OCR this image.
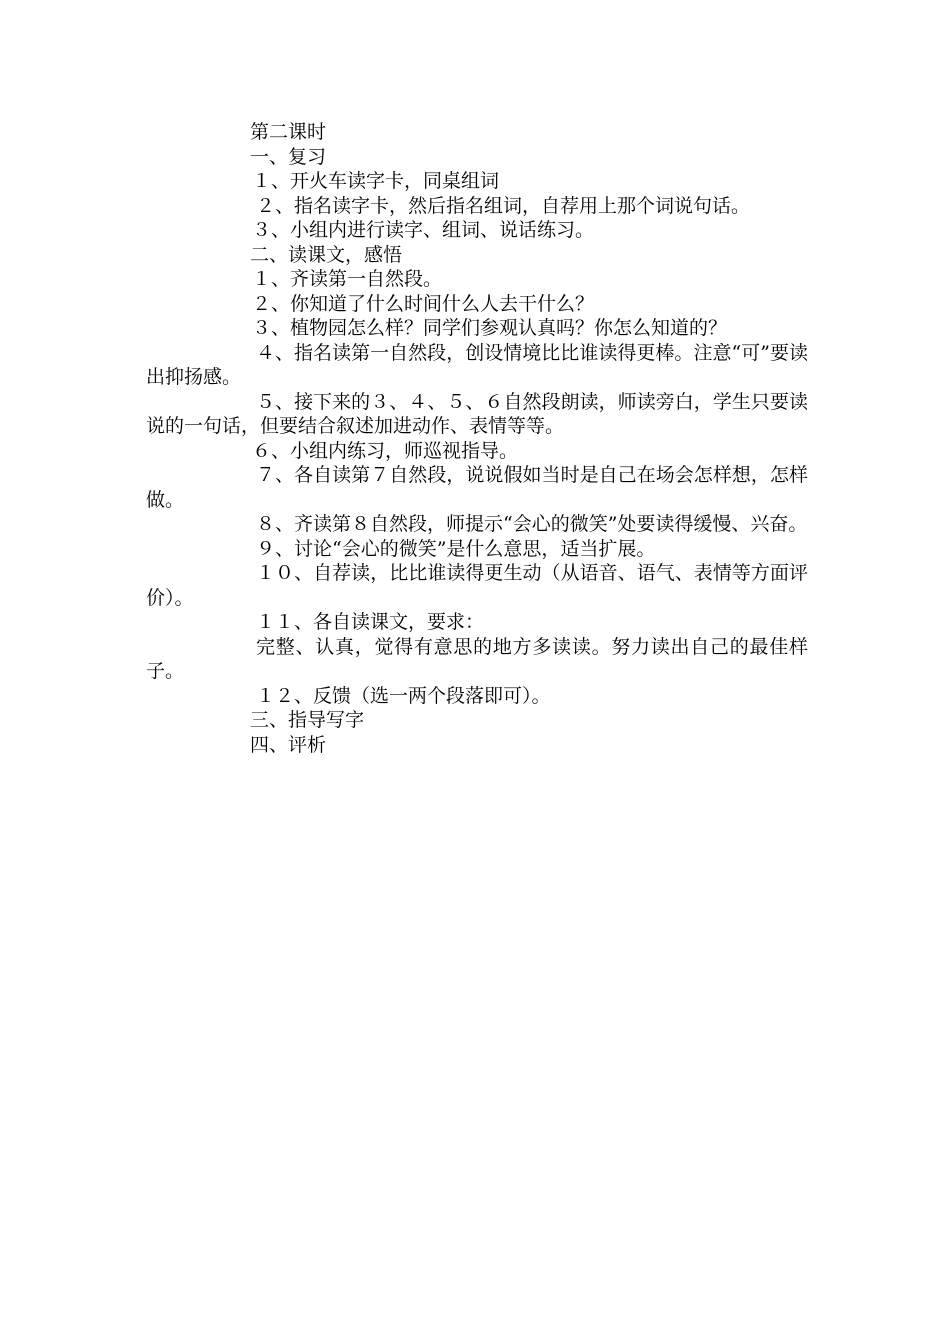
第二课时

一、复习

１、开火车读字卡，同桌组词

２、指名读字卡，然后指名组词，自荐用上那个词说句话。

３、小组内进行读字、组词、说话练习。

二、读课文，感悟

１、齐读第一自然段。

２、你知道了什么时间什么人去干什么？

３、植物园怎么样？同学们参观认真吗？你怎么知道的？

４、指名读第一自然段，创设情境比比谁读得更棒。注意“可”要读出抑扬感。

５、接下来的３、４、５、６自然段朗读，师读旁白，学生只要读说的一句话，但要结合叙述加进动作、表情等等。

６、小组内练习，师巡视指导。

７、各自读第７自然段，说说假如当时是自己在场会怎样想，怎样做。

８、齐读第８自然段，师提示“会心的微笑”处要读得缓慢、兴奋。

９、讨论“会心的微笑”是什么意思，适当扩展。

１０、自荐读，比比谁读得更生动（从语音、语气、表情等方面评价）。

１１、各自读课文，要求：

完整、认真，觉得有意思的地方多读读。努力读出自己的最佳样子。

１２、反馈（选一两个段落即可）。

三、指导写字

四、评析
